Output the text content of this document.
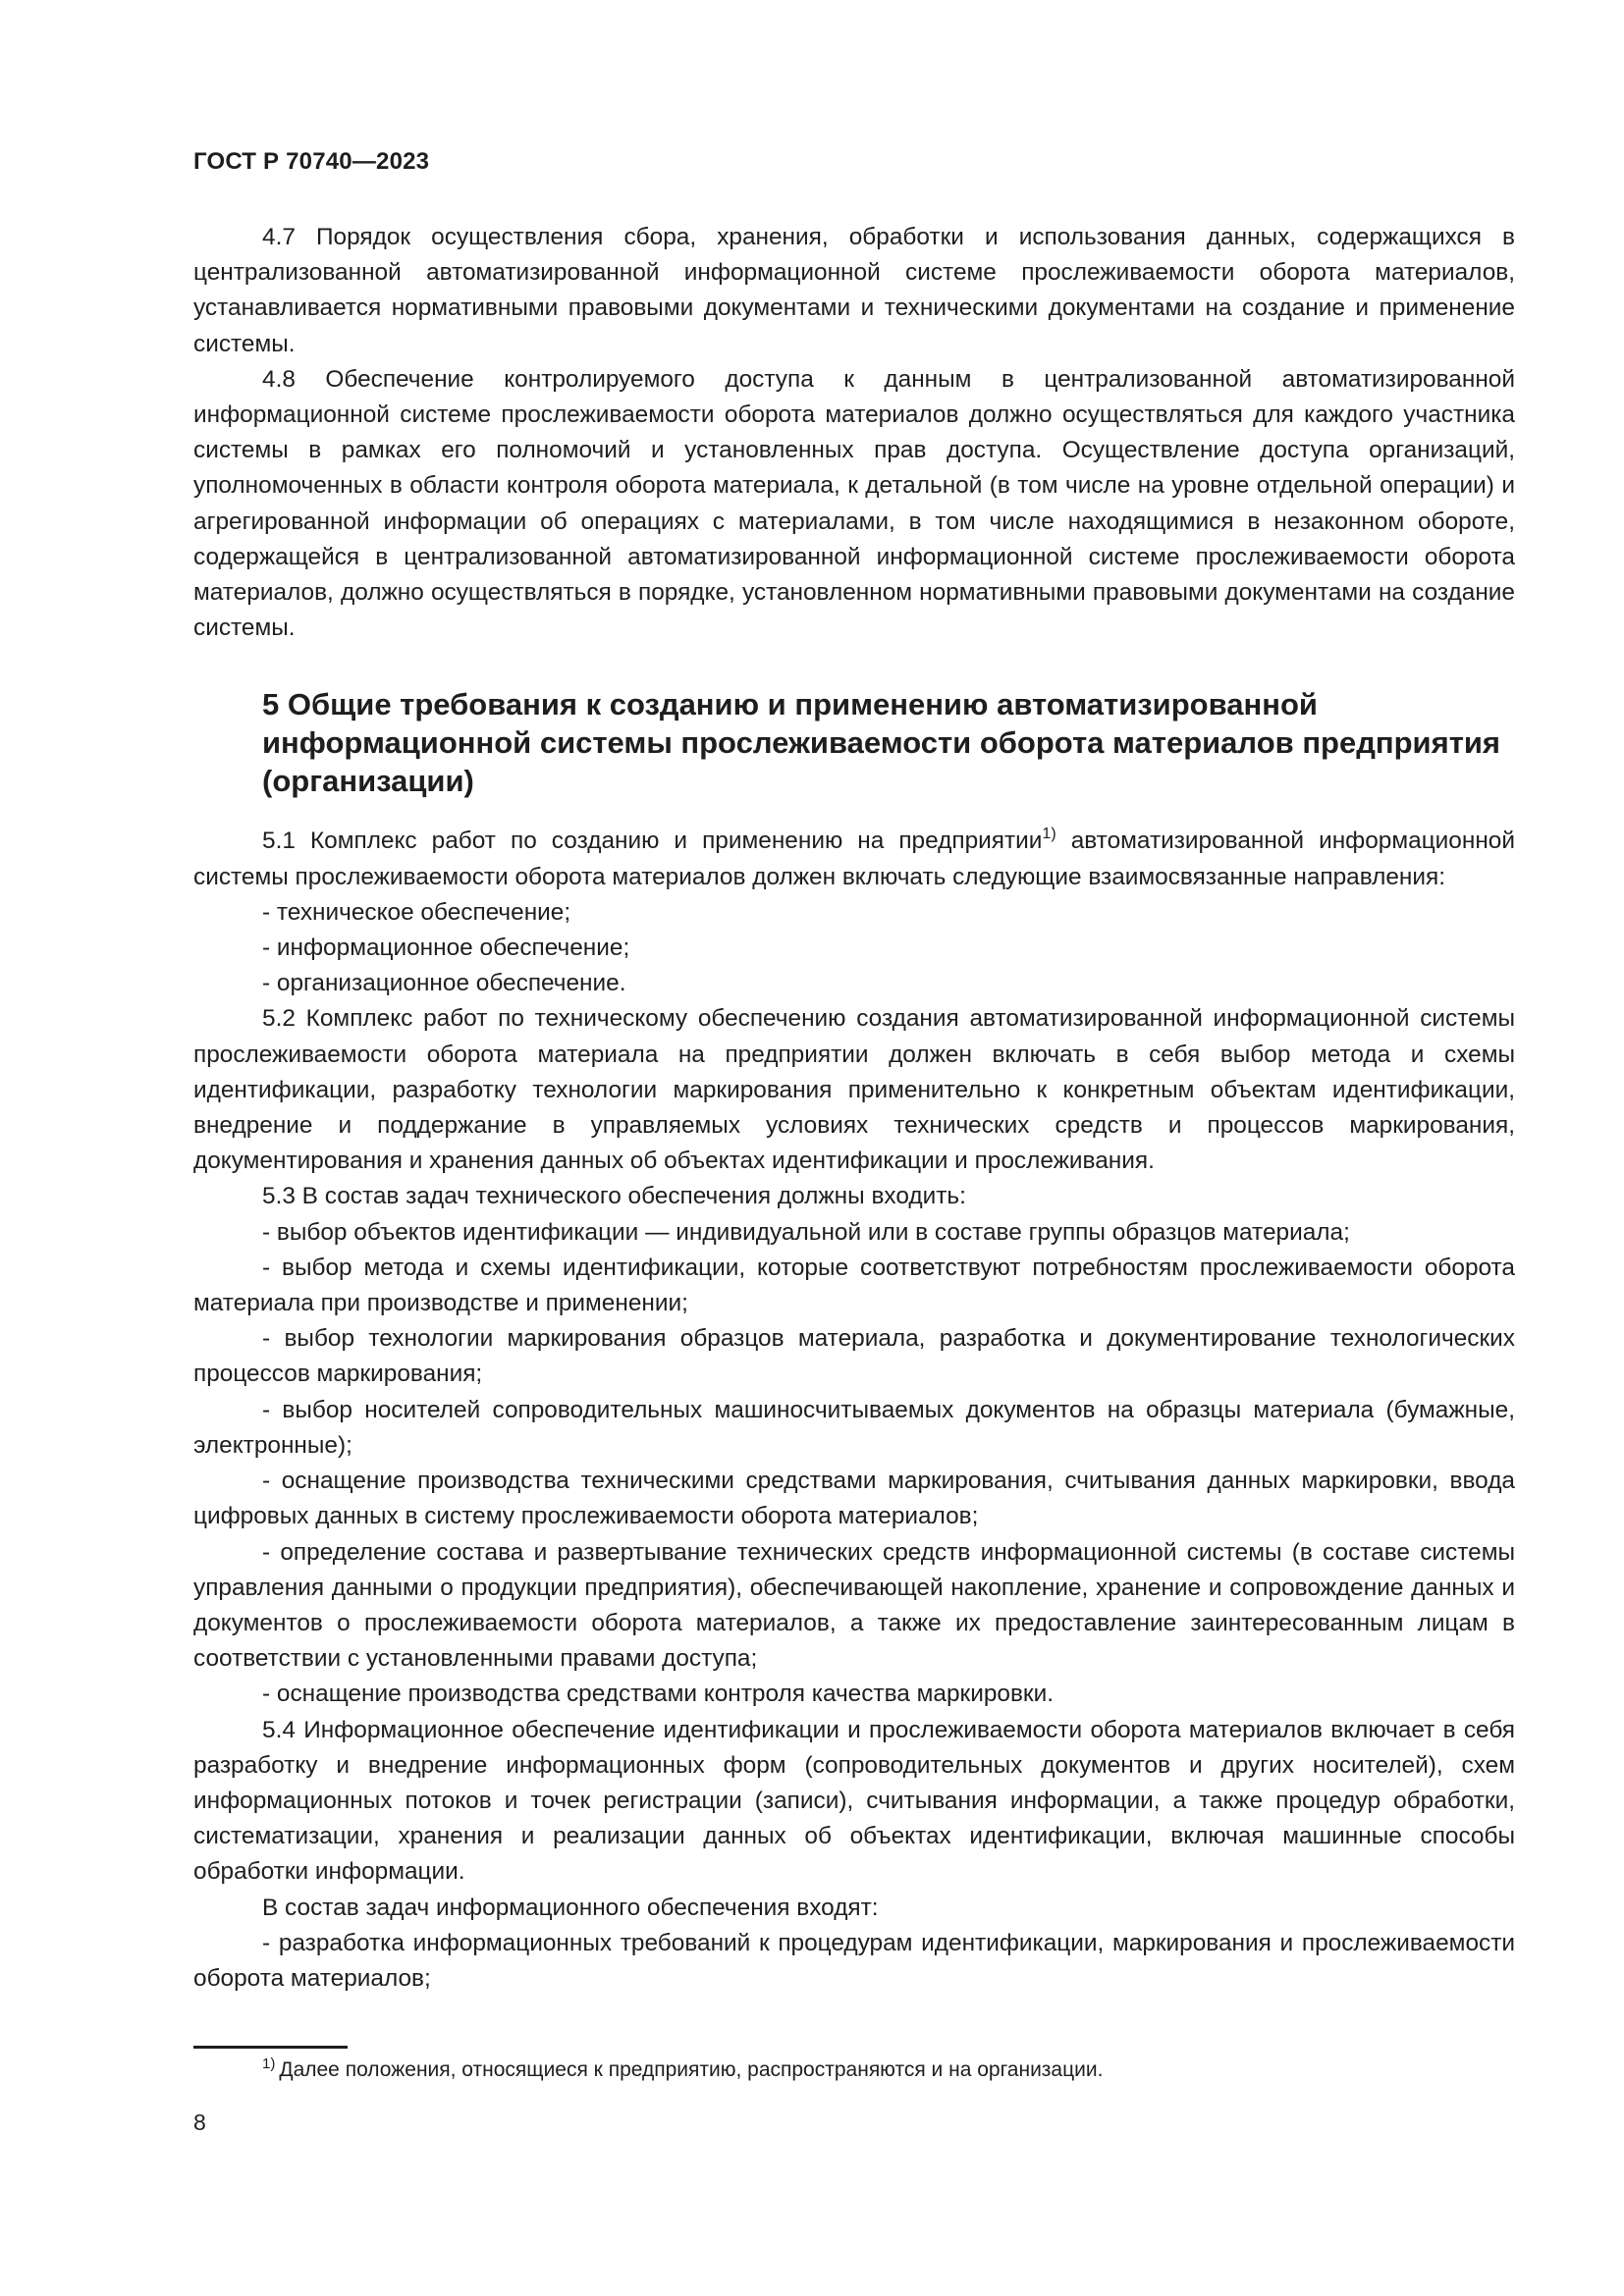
ГОСТ Р 70740—2023

4.7 Порядок осуществления сбора, хранения, обработки и использования данных, содержащихся в централизованной автоматизированной информационной системе прослеживаемости оборота материалов, устанавливается нормативными правовыми документами и техническими документами на создание и применение системы.

4.8 Обеспечение контролируемого доступа к данным в централизованной автоматизированной информационной системе прослеживаемости оборота материалов должно осуществляться для каждого участника системы в рамках его полномочий и установленных прав доступа. Осуществление доступа организаций, уполномоченных в области контроля оборота материала, к детальной (в том числе на уровне отдельной операции) и агрегированной информации об операциях с материалами, в том числе находящимися в незаконном обороте, содержащейся в централизованной автоматизированной информационной системе прослеживаемости оборота материалов, должно осуществляться в порядке, установленном нормативными правовыми документами на создание системы.

5 Общие требования к созданию и применению автоматизированной информационной системы прослеживаемости оборота материалов предприятия (организации)

5.1 Комплекс работ по созданию и применению на предприятии$^{1)}$ автоматизированной информационной системы прослеживаемости оборота материалов должен включать следующие взаимосвязанные направления:

- техническое обеспечение;

- информационное обеспечение;

- организационное обеспечение.

5.2 Комплекс работ по техническому обеспечению создания автоматизированной информационной системы прослеживаемости оборота материала на предприятии должен включать в себя выбор метода и схемы идентификации, разработку технологии маркирования применительно к конкретным объектам идентификации, внедрение и поддержание в управляемых условиях технических средств и процессов маркирования, документирования и хранения данных об объектах идентификации и прослеживания.

5.3 В состав задач технического обеспечения должны входить:

- выбор объектов идентификации — индивидуальной или в составе группы образцов материала;

- выбор метода и схемы идентификации, которые соответствуют потребностям прослеживаемости оборота материала при производстве и применении;

- выбор технологии маркирования образцов материала, разработка и документирование технологических процессов маркирования;

- выбор носителей сопроводительных машиносчитываемых документов на образцы материала (бумажные, электронные);

- оснащение производства техническими средствами маркирования, считывания данных маркировки, ввода цифровых данных в систему прослеживаемости оборота материалов;

- определение состава и развертывание технических средств информационной системы (в составе системы управления данными о продукции предприятия), обеспечивающей накопление, хранение и сопровождение данных и документов о прослеживаемости оборота материалов, а также их предоставление заинтересованным лицам в соответствии с установленными правами доступа;

- оснащение производства средствами контроля качества маркировки.

5.4 Информационное обеспечение идентификации и прослеживаемости оборота материалов включает в себя разработку и внедрение информационных форм (сопроводительных документов и других носителей), схем информационных потоков и точек регистрации (записи), считывания информации, а также процедур обработки, систематизации, хранения и реализации данных об объектах идентификации, включая машинные способы обработки информации.

В состав задач информационного обеспечения входят:

- разработка информационных требований к процедурам идентификации, маркирования и прослеживаемости оборота материалов;

$^{1)}$ Далее положения, относящиеся к предприятию, распространяются и на организации.
8
